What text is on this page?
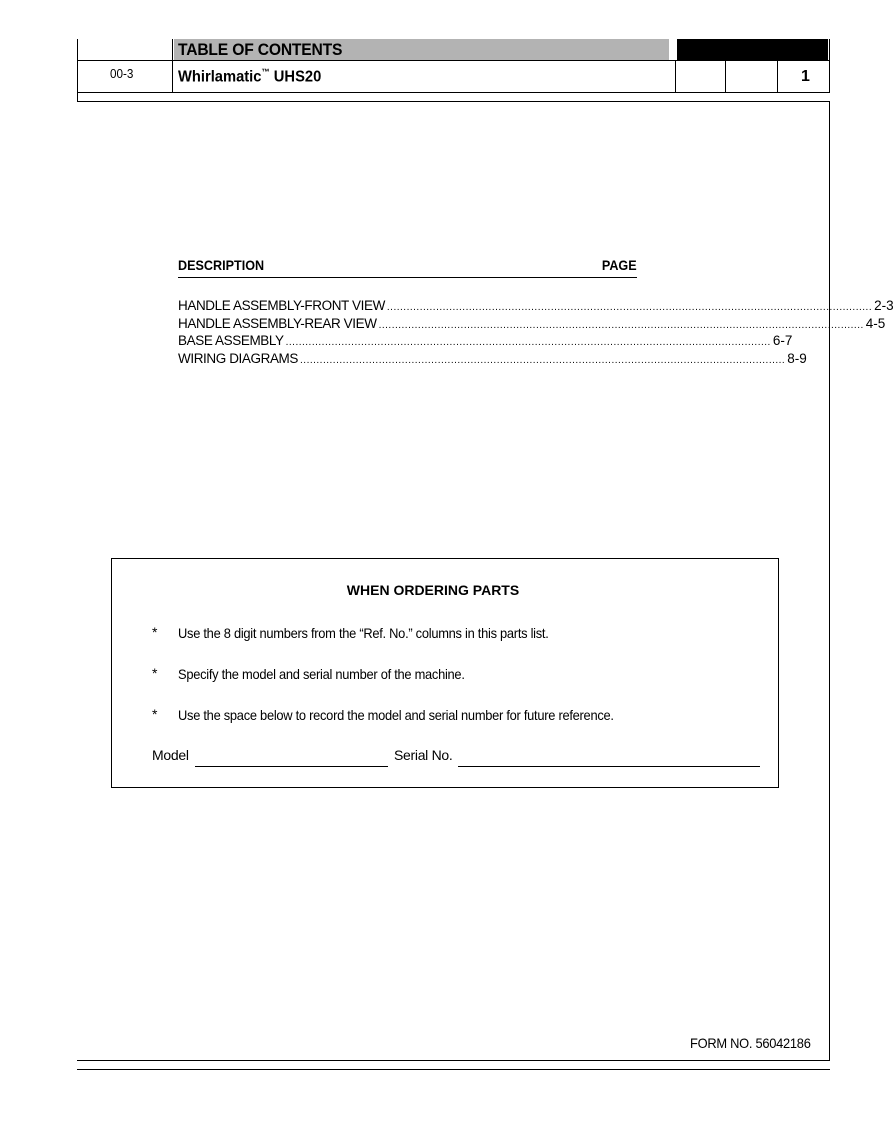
TABLE OF CONTENTS
00-3	Whirlamatic™ UHS20	1
DESCRIPTION	PAGE
HANDLE ASSEMBLY-FRONT VIEW .................................................................................................................................................... 2-3
HANDLE ASSEMBLY-REAR VIEW .................................................................................................................................................... 4-5
BASE ASSEMBLY .................................................................................................................................................... 6-7
WIRING DIAGRAMS .................................................................................................................................................... 8-9
WHEN ORDERING PARTS
* Use the 8 digit numbers from the “Ref. No.” columns in this parts list.
* Specify the model and serial number of the machine.
* Use the space below to record the model and serial number for future reference.
Model	Serial No.
FORM NO. 56042186
